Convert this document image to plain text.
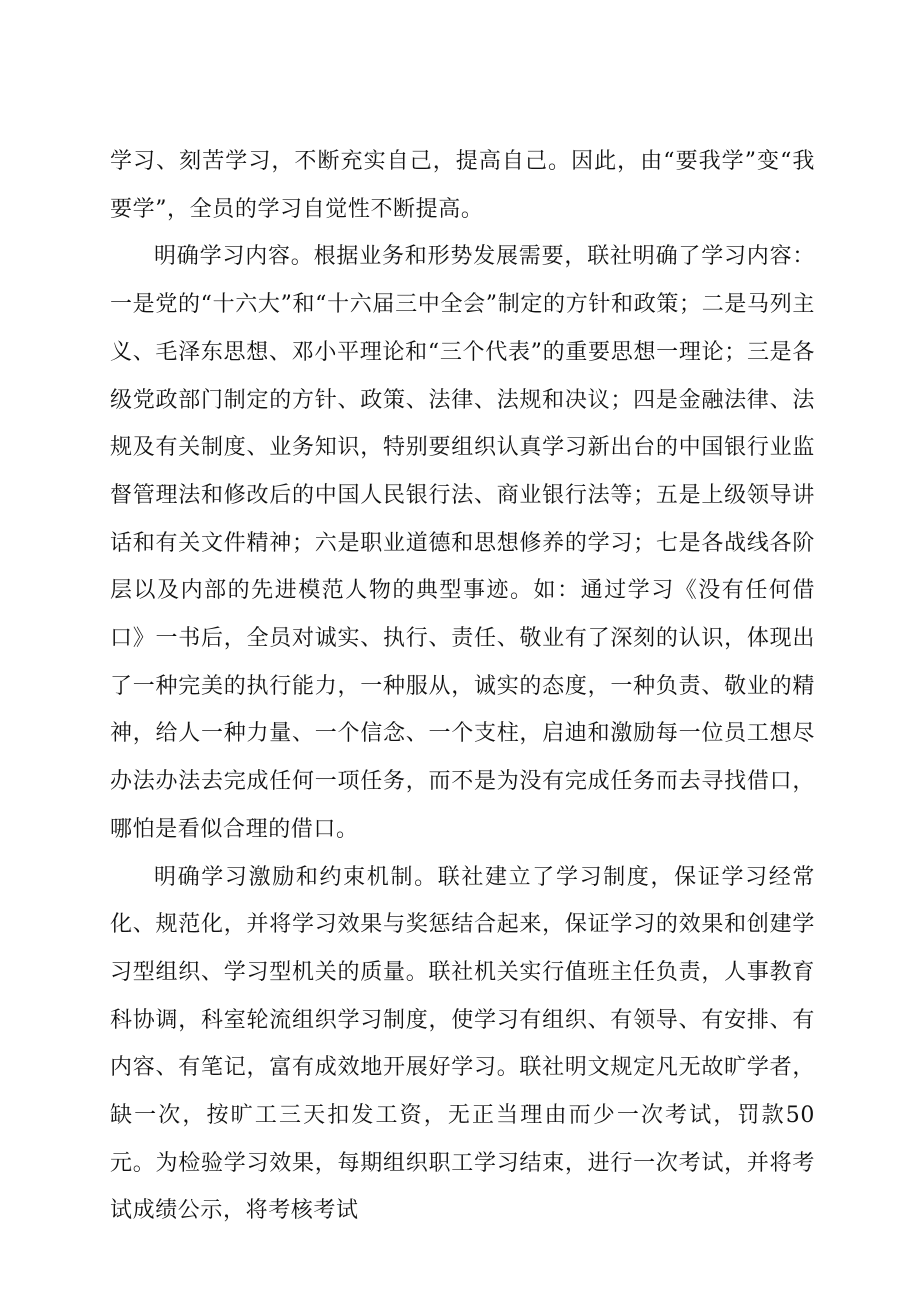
学习、刻苦学习，不断充实自己，提高自己。因此，由“要我学”变“我要学”，全员的学习自觉性不断提高。

明确学习内容。根据业务和形势发展需要，联社明确了学习内容：一是党的“十六大”和“十六届三中全会”制定的方针和政策；二是马列主义、毛泽东思想、邓小平理论和“三个代表”的重要思想一理论；三是各级党政部门制定的方针、政策、法律、法规和决议；四是金融法律、法规及有关制度、业务知识，特别要组织认真学习新出台的中国银行业监督管理法和修改后的中国人民银行法、商业银行法等；五是上级领导讲话和有关文件精神；六是职业道德和思想修养的学习；七是各战线各阶层以及内部的先进模范人物的典型事迹。如：通过学习《没有任何借口》一书后，全员对诚实、执行、责任、敬业有了深刻的认识，体现出了一种完美的执行能力，一种服从，诚实的态度，一种负责、敬业的精神，给人一种力量、一个信念、一个支柱，启迪和激励每一位员工想尽办法办法去完成任何一项任务，而不是为没有完成任务而去寻找借口，哪怕是看似合理的借口。

明确学习激励和约束机制。联社建立了学习制度，保证学习经常化、规范化，并将学习效果与奖惩结合起来，保证学习的效果和创建学习型组织、学习型机关的质量。联社机关实行值班主任负责，人事教育科协调，科室轮流组织学习制度，使学习有组织、有领导、有安排、有内容、有笔记，富有成效地开展好学习。联社明文规定凡无故旷学者，缺一次，按旷工三天扣发工资，无正当理由而少一次考试，罚款50元。为检验学习效果，每期组织职工学习结束，进行一次考试，并将考试成绩公示，将考核考试
